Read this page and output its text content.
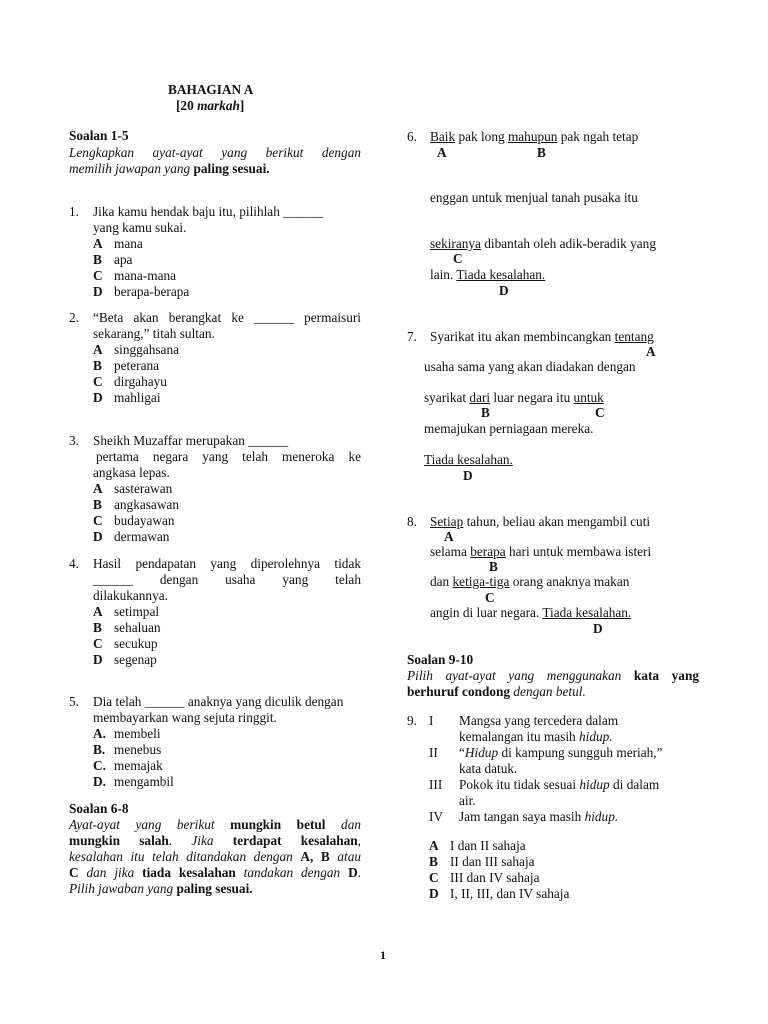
BAHAGIAN A
[20 markah]

Soalan 1-5

Lengkapkan ayat-ayat yang berikut dengan

memilih jawapan yang paling sesuai.

1.	Jika kamu hendak baju itu, pilihlah ______

yang kamu sukai.

A mana
B apa
C mana-mana
D berapa-berapa
2.	“Beta akan berangkat ke ______ permaisuri

sekarang,” titah sultan.

A singgahsana
B peterana
C dirgahayu
D mahligai
3.	Sheikh Muzaffar merupakan ______

pertama negara yang telah meneroka ke

angkasa lepas.

A sasterawan
B angkasawan
C budayawan
D dermawan
4.	Hasil pendapatan yang diperolehnya tidak

______ dengan usaha yang telah

dilakukannya.

A setimpal
B sehaluan
C secukup
D segenap
5.	Dia telah ______ anaknya yang diculik dengan

membayarkan wang sejuta ringgit.

A. membeli
B. menebus
C. memajak
D. mengambil

Soalan 6-8

Ayat-ayat yang berikut mungkin betul dan

mungkin salah. Jika terdapat kesalahan,

kesalahan itu telah ditandakan dengan A, B atau

C dan jika tiada kesalahan tandakan dengan D.

Pilih jawaban yang paling sesuai.

6. Baik pak long mahupun pak ngah tetap
A	B
enggan untuk menjual tanah pusaka itu
sekiranya dibantah oleh adik-beradik yang
C
lain. Tiada kesalahan.
D
7. Syarikat itu akan membincangkan tentang
A
usaha sama yang akan diadakan dengan
syarikat dari luar negara itu untuk
B	C
memajukan perniagaan mereka.
Tiada kesalahan.
D
8. Setiap tahun, beliau akan mengambil cuti
A
selama berapa hari untuk membawa isteri
B
dan ketiga-tiga orang anaknya makan
C
angin di luar negara. Tiada kesalahan.
D

Soalan 9-10

Pilih ayat-ayat yang menggunakan kata yang

berhuruf condong dengan betul.

9. I	Mangsa yang tercedera dalam

kemalangan itu masih hidup.

II	“Hidup di kampung sungguh meriah,”

kata datuk.

III	Pokok itu tidak sesuai hidup di dalam

air.

IV	Jam tangan saya masih hidup.

A I dan II sahaja
B II dan III sahaja
C III dan IV sahaja
D I, II, III, dan IV sahaja
1
